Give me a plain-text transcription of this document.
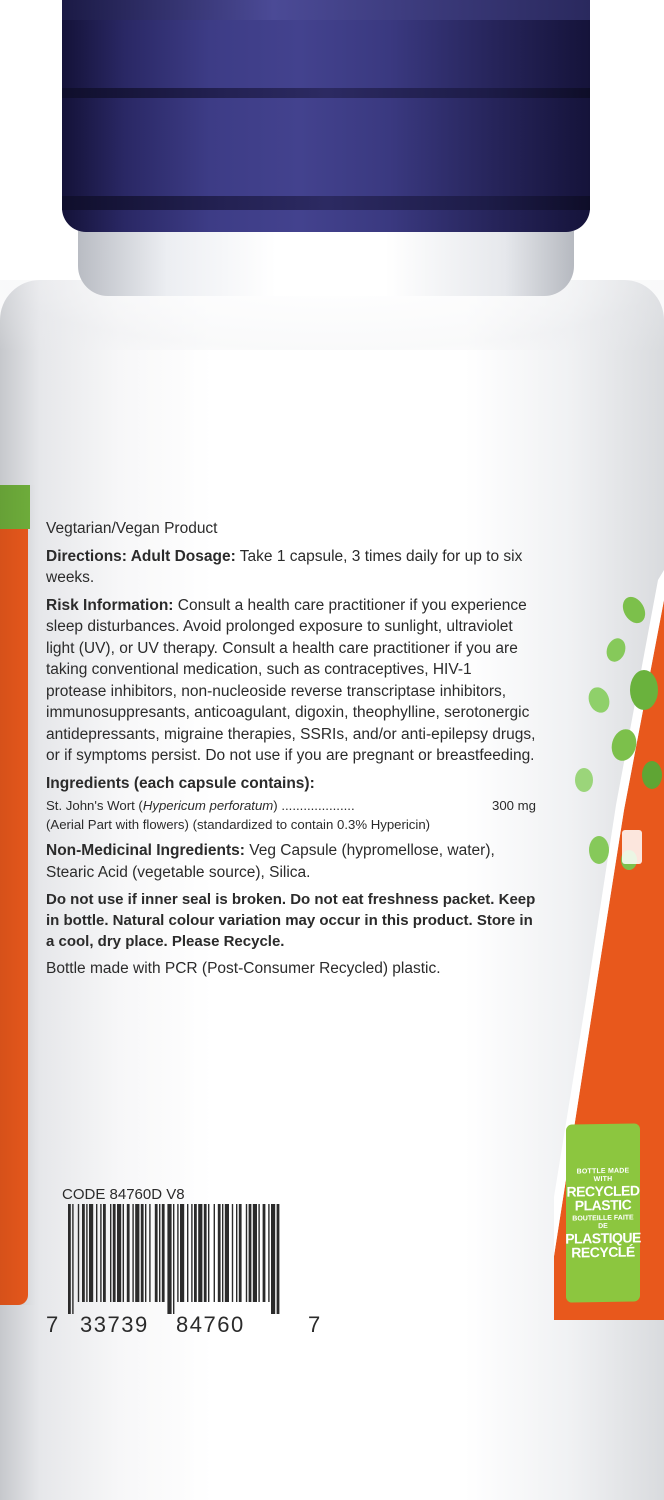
BOTTLE MADE WITH
RECYCLED
PLASTIC
BOUTEILLE FAITE DE
PLASTIQUE
RECYCLÉ

Vegtarian/Vegan Product

Directions: Adult Dosage: Take 1 capsule, 3 times daily for up to six weeks.

Risk Information: Consult a health care practitioner if you experience sleep disturbances. Avoid prolonged exposure to sunlight, ultraviolet light (UV), or UV therapy. Consult a health care practitioner if you are taking conventional medication, such as contraceptives, HIV-1 protease inhibitors, non-nucleoside reverse transcriptase inhibitors, immunosuppresants, anticoagulant, digoxin, theophylline, serotonergic antidepressants, migraine therapies, SSRIs, and/or anti-epilepsy drugs, or if symptoms persist. Do not use if you are pregnant or breastfeeding.

Ingredients (each capsule contains):

St. John's Wort (Hypericum perforatum) ....................	300 mg

(Aerial Part with flowers) (standardized to contain 0.3% Hypericin)

Non-Medicinal Ingredients: Veg Capsule (hypromellose, water), Stearic Acid (vegetable source), Silica.

Do not use if inner seal is broken. Do not eat freshness packet. Keep in bottle. Natural colour variation may occur in this product. Store in a cool, dry place. Please Recycle.

Bottle made with PCR (Post-Consumer Recycled) plastic.

CODE 84760D V8
7 33739 84760	7
